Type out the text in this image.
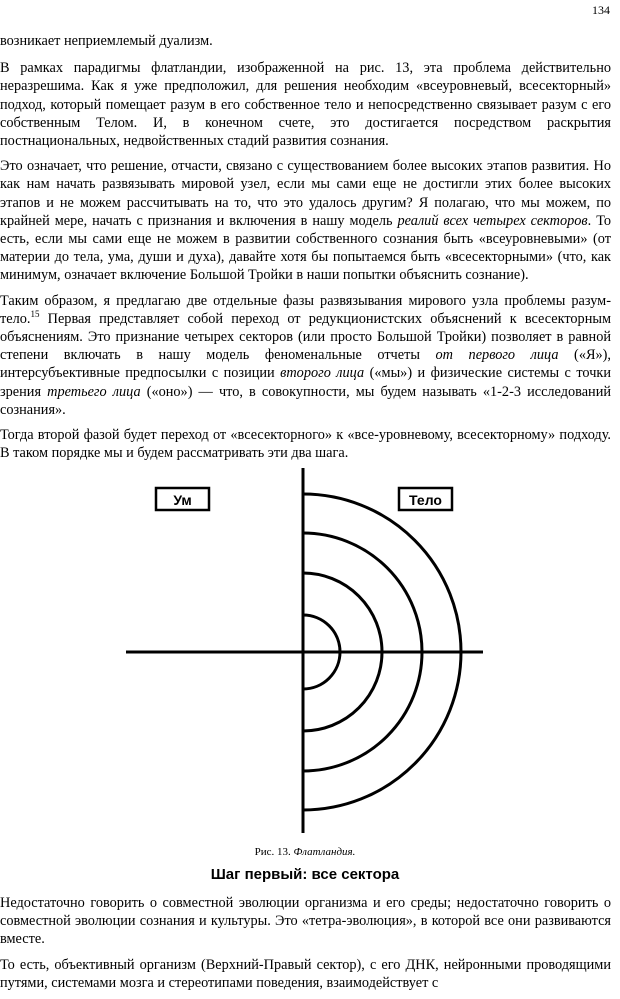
134

возникает неприемлемый дуализм.

В рамках парадигмы флатландии, изображенной на рис. 13, эта проблема действительно неразрешима. Как я уже предположил, для решения необходим «всеуровневый, всесекторный» подход, который помещает разум в его собственное тело и непосредственно связывает разум с его собственным Телом. И, в конечном счете, это достигается посредством раскрытия постнациональных, недвойственных стадий развития сознания.

Это означает, что решение, отчасти, связано с существованием более высоких этапов развития. Но как нам начать развязывать мировой узел, если мы сами еще не достигли этих более высоких этапов и не можем рассчитывать на то, что это удалось другим? Я полагаю, что мы можем, по крайней мере, начать с признания и включения в нашу модель реалий всех четырех секторов. То есть, если мы сами еще не можем в развитии собственного сознания быть «всеуровневыми» (от материи до тела, ума, души и духа), давайте хотя бы попытаемся быть «всесекторными» (что, как минимум, означает включение Большой Тройки в наши попытки объяснить сознание).

Таким образом, я предлагаю две отдельные фазы развязывания мирового узла проблемы разум-тело.$^{15}$ Первая представляет собой переход от редукционистских объяснений к всесекторным объяснениям. Это признание четырех секторов (или просто Большой Тройки) позволяет в равной степени включать в нашу модель феноменальные отчеты от первого лица («Я»), интерсубъективные предпосылки с позиции второго лица («мы») и физические системы с точки зрения третьего лица («оно») — что, в совокупности, мы будем называть «1-2-3 исследований сознания».

Тогда второй фазой будет переход от «всесекторного» к «все-уровневому, всесекторному» подходу. В таком порядке мы и будем рассматривать эти два шага.

Ум	Тело
Рис. 13. Флатландия.
Шаг первый: все сектора

Недостаточно говорить о совместной эволюции организма и его среды; недостаточно говорить о совместной эволюции сознания и культуры. Это «тетра-эволюция», в которой все они развиваются вместе.

То есть, объективный организм (Верхний-Правый сектор), с его ДНК, нейронными проводящими путями, системами мозга и стереотипами поведения, взаимодействует с
